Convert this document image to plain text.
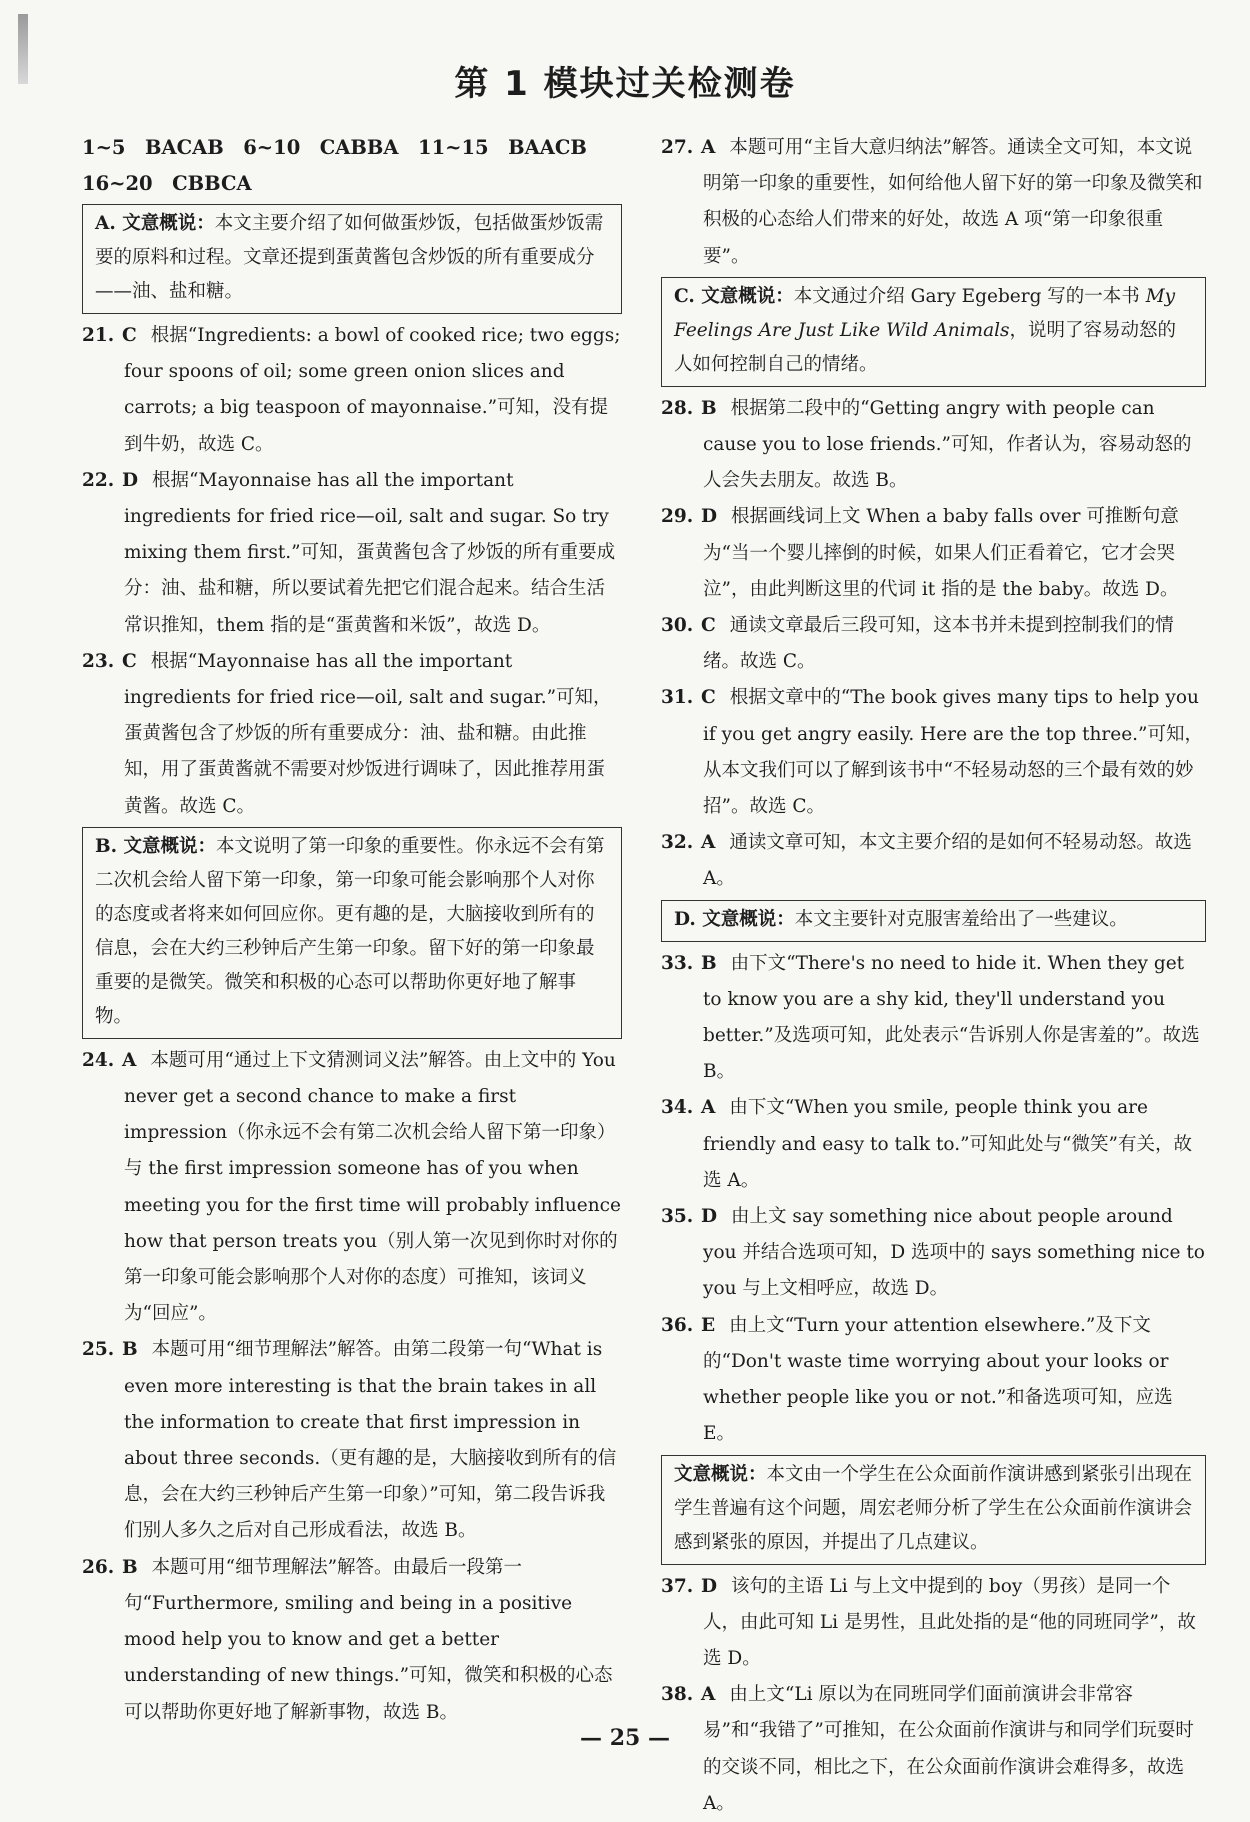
第 1 模块过关检测卷
1~5　BACAB　6~10　CABBA　11~15　BAACB
16~20　CBBCA
A. 文意概说：本文主要介绍了如何做蛋炒饭，包括做蛋炒饭需要的原料和过程。文章还提到蛋黄酱包含炒饭的所有重要成分——油、盐和糖。
21. C 根据“Ingredients: a bowl of cooked rice; two eggs; four spoons of oil; some green onion slices and carrots; a big teaspoon of mayonnaise.”可知，没有提到牛奶，故选 C。
22. D 根据“Mayonnaise has all the important ingredients for fried rice—oil, salt and sugar. So try mixing them first.”可知，蛋黄酱包含了炒饭的所有重要成分：油、盐和糖，所以要试着先把它们混合起来。结合生活常识推知，them 指的是“蛋黄酱和米饭”，故选 D。
23. C 根据“Mayonnaise has all the important ingredients for fried rice—oil, salt and sugar.”可知，蛋黄酱包含了炒饭的所有重要成分：油、盐和糖。由此推知，用了蛋黄酱就不需要对炒饭进行调味了，因此推荐用蛋黄酱。故选 C。
B. 文意概说：本文说明了第一印象的重要性。你永远不会有第二次机会给人留下第一印象，第一印象可能会影响那个人对你的态度或者将来如何回应你。更有趣的是，大脑接收到所有的信息，会在大约三秒钟后产生第一印象。留下好的第一印象最重要的是微笑。微笑和积极的心态可以帮助你更好地了解事物。
24. A 本题可用“通过上下文猜测词义法”解答。由上文中的 You never get a second chance to make a first impression（你永远不会有第二次机会给人留下第一印象）与 the first impression someone has of you when meeting you for the first time will probably influence how that person treats you（别人第一次见到你时对你的第一印象可能会影响那个人对你的态度）可推知，该词义为“回应”。
25. B 本题可用“细节理解法”解答。由第二段第一句“What is even more interesting is that the brain takes in all the information to create that first impression in about three seconds.（更有趣的是，大脑接收到所有的信息，会在大约三秒钟后产生第一印象）”可知，第二段告诉我们别人多久之后对自己形成看法，故选 B。
26. B 本题可用“细节理解法”解答。由最后一段第一句“Furthermore, smiling and being in a positive mood help you to know and get a better understanding of new things.”可知，微笑和积极的心态可以帮助你更好地了解新事物，故选 B。
27. A 本题可用“主旨大意归纳法”解答。通读全文可知，本文说明第一印象的重要性，如何给他人留下好的第一印象及微笑和积极的心态给人们带来的好处，故选 A 项“第一印象很重要”。
C. 文意概说：本文通过介绍 Gary Egeberg 写的一本书 My Feelings Are Just Like Wild Animals，说明了容易动怒的人如何控制自己的情绪。
28. B 根据第二段中的“Getting angry with people can cause you to lose friends.”可知，作者认为，容易动怒的人会失去朋友。故选 B。
29. D 根据画线词上文 When a baby falls over 可推断句意为“当一个婴儿摔倒的时候，如果人们正看着它，它才会哭泣”，由此判断这里的代词 it 指的是 the baby。故选 D。
30. C 通读文章最后三段可知，这本书并未提到控制我们的情绪。故选 C。
31. C 根据文章中的“The book gives many tips to help you if you get angry easily. Here are the top three.”可知，从本文我们可以了解到该书中“不轻易动怒的三个最有效的妙招”。故选 C。
32. A 通读文章可知，本文主要介绍的是如何不轻易动怒。故选 A。
D. 文意概说：本文主要针对克服害羞给出了一些建议。
33. B 由下文“There's no need to hide it. When they get to know you are a shy kid, they'll understand you better.”及选项可知，此处表示“告诉别人你是害羞的”。故选 B。
34. A 由下文“When you smile, people think you are friendly and easy to talk to.”可知此处与“微笑”有关，故选 A。
35. D 由上文 say something nice about people around you 并结合选项可知，D 选项中的 says something nice to you 与上文相呼应，故选 D。
36. E 由上文“Turn your attention elsewhere.”及下文的“Don't waste time worrying about your looks or whether people like you or not.”和备选项可知，应选 E。
文意概说：本文由一个学生在公众面前作演讲感到紧张引出现在学生普遍有这个问题，周宏老师分析了学生在公众面前作演讲会感到紧张的原因，并提出了几点建议。
37. D 该句的主语 Li 与上文中提到的 boy（男孩）是同一个人，由此可知 Li 是男性，且此处指的是“他的同班同学”，故选 D。
38. A 由上文“Li 原以为在同班同学们面前演讲会非常容易”和“我错了”可推知，在公众面前作演讲与和同学们玩耍时的交谈不同，相比之下，在公众面前作演讲会难得多，故选 A。
— 25 —
